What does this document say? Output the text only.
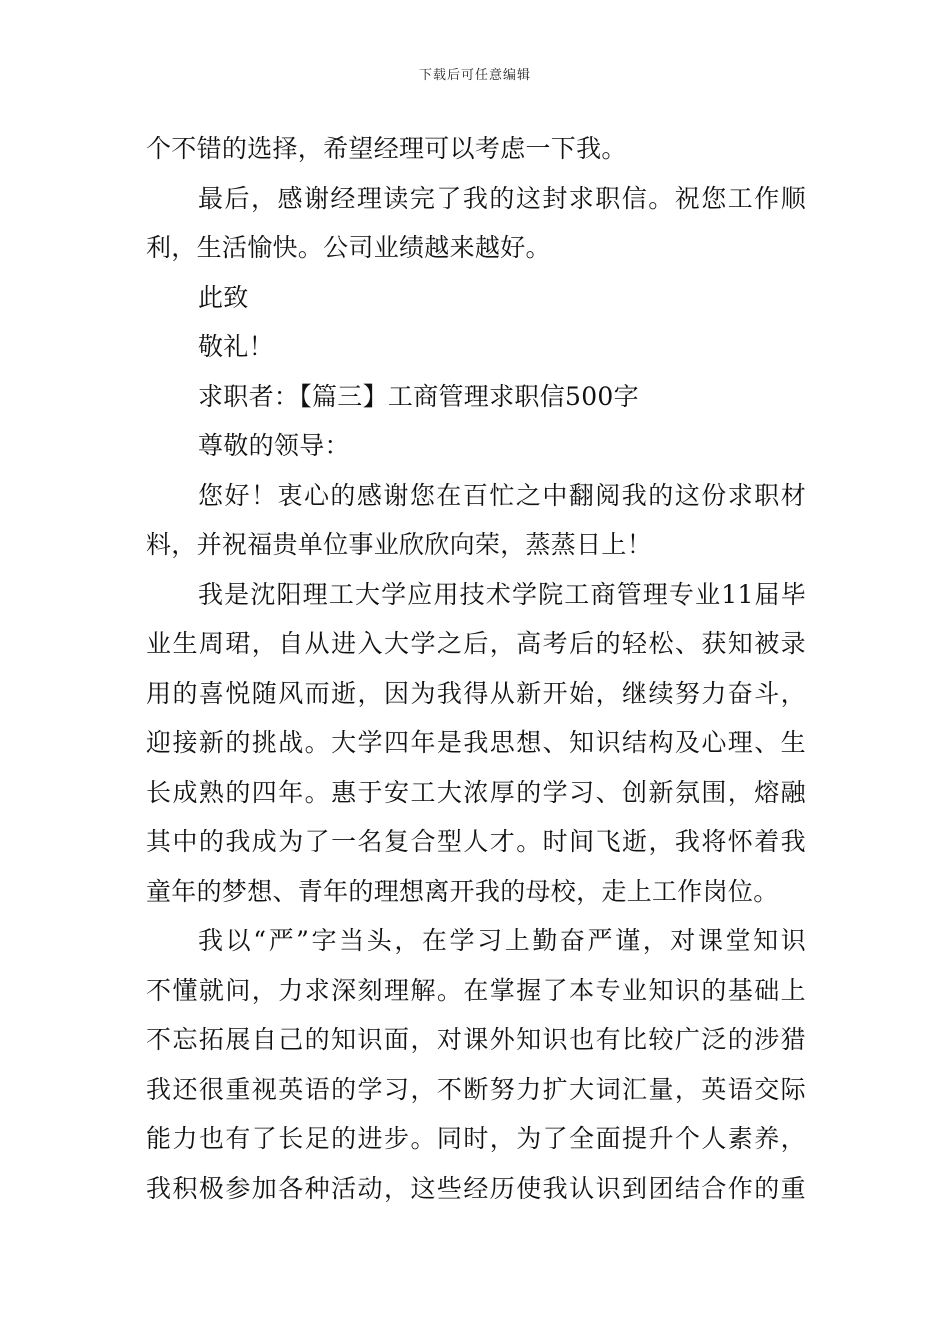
下载后可任意编辑
个不错的选择，希望经理可以考虑一下我。
最后，感谢经理读完了我的这封求职信。祝您工作顺
利，生活愉快。公司业绩越来越好。
此致
敬礼！
求职者：【篇三】工商管理求职信500字
尊敬的领导：
您好！衷心的感谢您在百忙之中翻阅我的这份求职材
料，并祝福贵单位事业欣欣向荣，蒸蒸日上！
我是沈阳理工大学应用技术学院工商管理专业11届毕
业生周珺，自从进入大学之后，高考后的轻松、获知被录
用的喜悦随风而逝，因为我得从新开始，继续努力奋斗，
迎接新的挑战。大学四年是我思想、知识结构及心理、生
长成熟的四年。惠于安工大浓厚的学习、创新氛围，熔融
其中的我成为了一名复合型人才。时间飞逝，我将怀着我
童年的梦想、青年的理想离开我的母校，走上工作岗位。
我以“严”字当头，在学习上勤奋严谨，对课堂知识
不懂就问，力求深刻理解。在掌握了本专业知识的基础上
不忘拓展自己的知识面，对课外知识也有比较广泛的涉猎
我还很重视英语的学习，不断努力扩大词汇量，英语交际
能力也有了长足的进步。同时，为了全面提升个人素养，
我积极参加各种活动，这些经历使我认识到团结合作的重
